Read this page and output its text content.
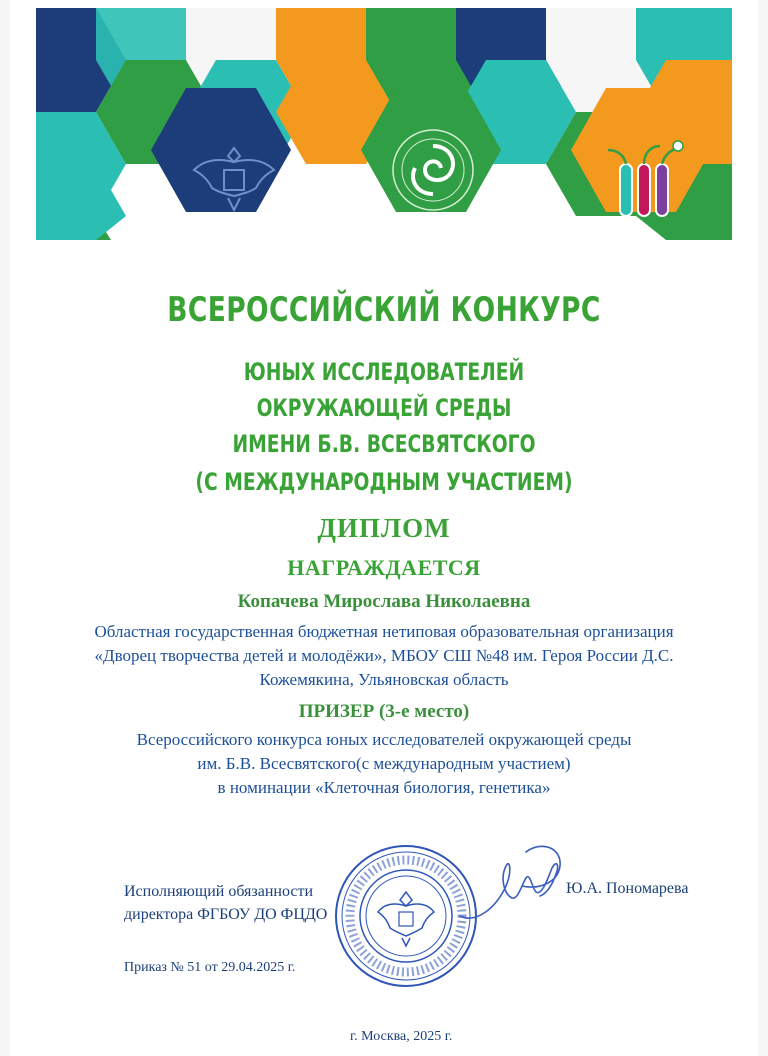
ВСЕРОССИЙСКИЙ КОНКУРС
ЮНЫХ ИССЛЕДОВАТЕЛЕЙ
ОКРУЖАЮЩЕЙ СРЕДЫ
ИМЕНИ Б.В. ВСЕСВЯТСКОГО
(С МЕЖДУНАРОДНЫМ УЧАСТИЕМ)
ДИПЛОМ
НАГРАЖДАЕТСЯ
Копачева Мирослава Николаевна
Областная государственная бюджетная нетиповая образовательная организация
«Дворец творчества детей и молодёжи», МБОУ СШ №48 им. Героя России Д.С.
Кожемякина, Ульяновская область
ПРИЗЕР (3-е место)
Всероссийского конкурса юных исследователей окружающей среды
им. Б.В. Всесвятского(с международным участием)
в номинации «Клеточная биология, генетика»
Исполняющий обязанности
директора ФГБОУ ДО ФЦДО
Ю.А. Пономарева
Приказ № 51 от 29.04.2025 г.
г. Москва, 2025 г.
